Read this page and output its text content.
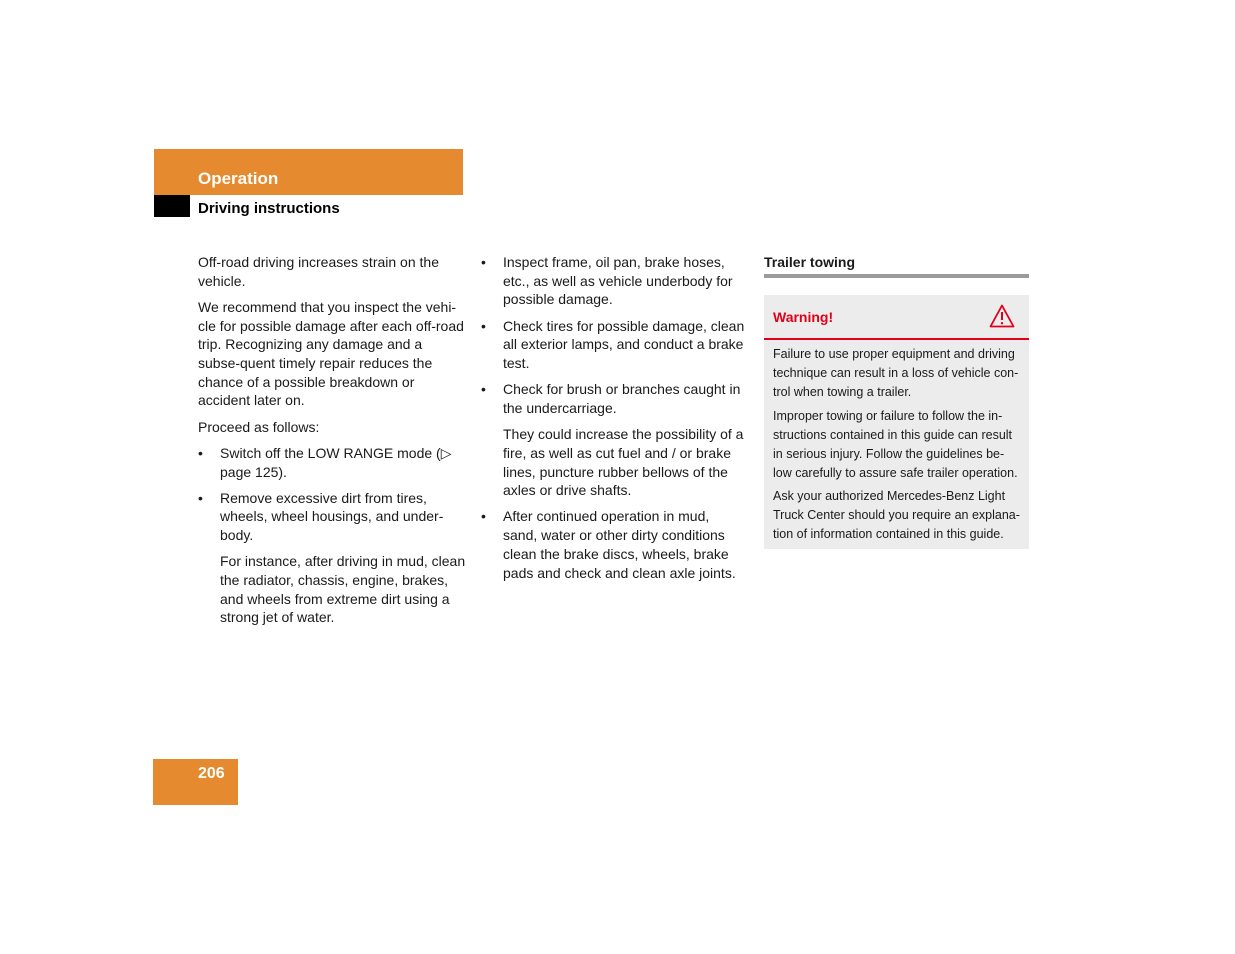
Operation
Driving instructions

Off-road driving increases strain on the vehicle.

We recommend that you inspect the vehi-cle for possible damage after each off-road trip. Recognizing any damage and a subse-quent timely repair reduces the chance of a possible breakdown or accident later on.

Proceed as follows:

•	Switch off the LOW RANGE mode (▷ page 125).
•	Remove excessive dirt from tires, wheels, wheel housings, and under-body.
For instance, after driving in mud, clean the radiator, chassis, engine, brakes, and wheels from extreme dirt using a strong jet of water.
•	Inspect frame, oil pan, brake hoses, etc., as well as vehicle underbody for possible damage.
•	Check tires for possible damage, clean all exterior lamps, and conduct a brake test.
•	Check for brush or branches caught in the undercarriage.
They could increase the possibility of a fire, as well as cut fuel and / or brake lines, puncture rubber bellows of the axles or drive shafts.
•	After continued operation in mud, sand, water or other dirty conditions clean the brake discs, wheels, brake pads and check and clean axle joints.
Trailer towing
Warning!

Failure to use proper equipment and driving technique can result in a loss of vehicle con-trol when towing a trailer.

Improper towing or failure to follow the in-structions contained in this guide can result in serious injury. Follow the guidelines be-low carefully to assure safe trailer operation.

Ask your authorized Mercedes-Benz Light Truck Center should you require an explana-tion of information contained in this guide.

206
